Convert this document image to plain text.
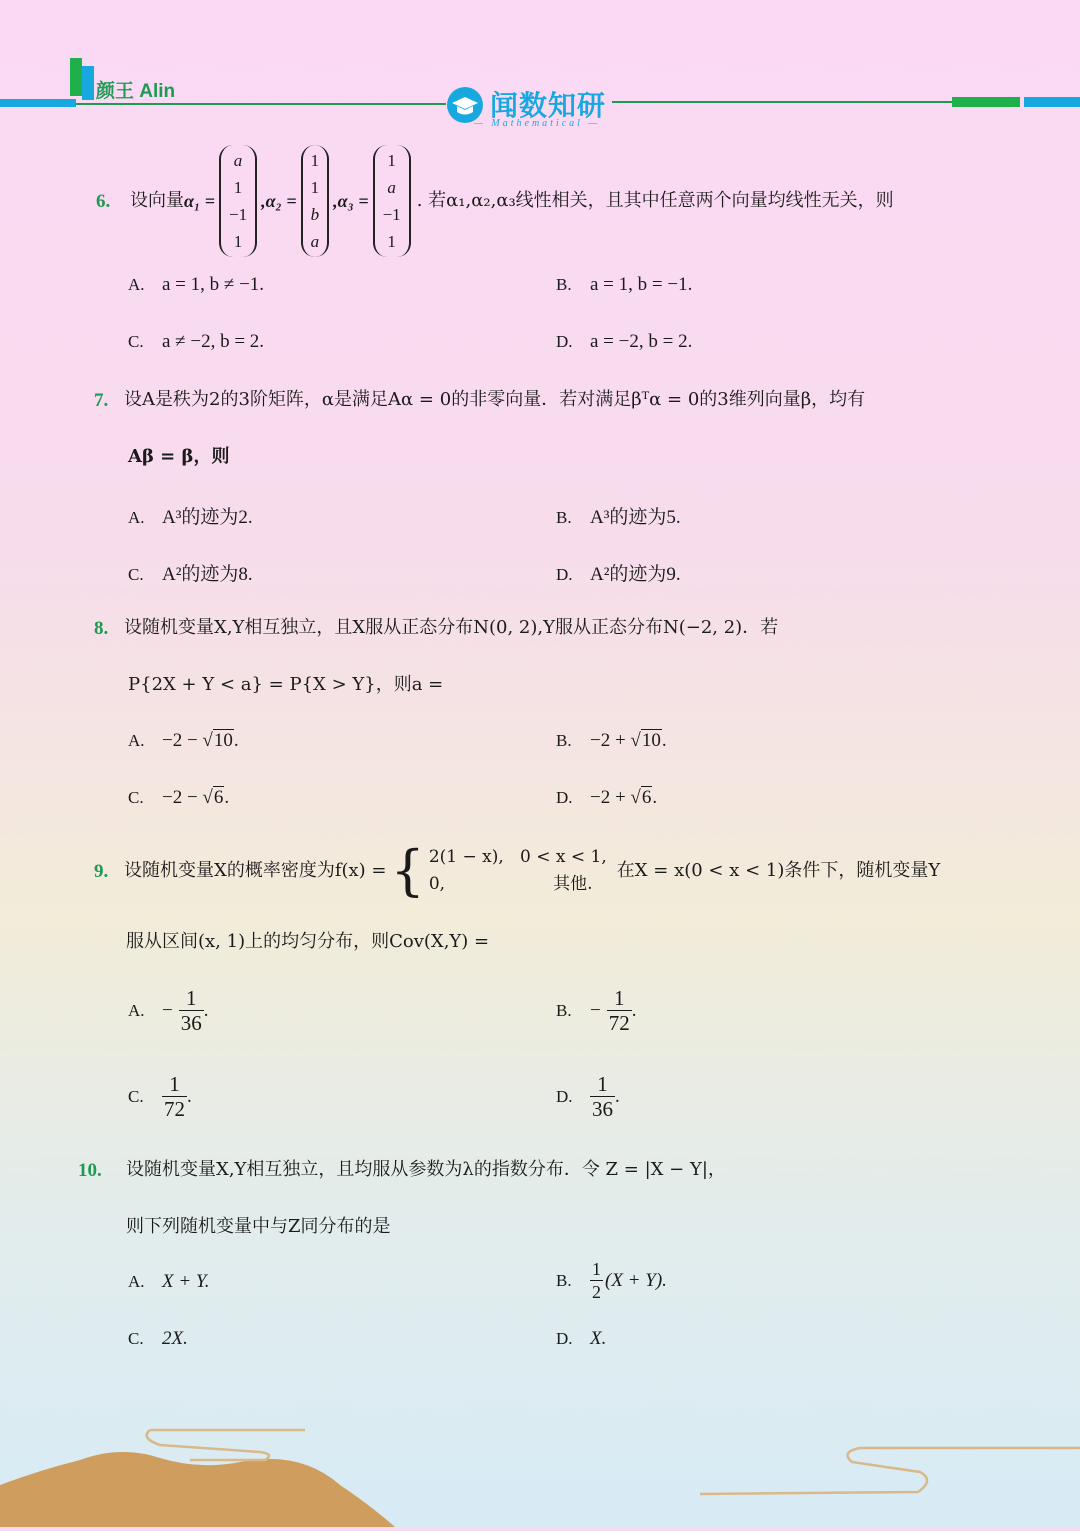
颜王 Alin	闻数知研
— Mathematical —
6. 设向量 α₁ =
a
1
−1
1
,α₂ =
1
1
b
a
,α₃ =
1
a
−1
1
. 若α₁,α₂,α₃线性相关，且其中任意两个向量均线性无关，则
A. a = 1, b ≠ −1.	B. a = 1, b = −1.
C. a ≠ −2, b = 2.	D. a = −2, b = 2.
7. 设A是秩为2的3阶矩阵，α是满足Aα = 0的非零向量．若对满足βᵀα = 0的3维列向量β，均有
Aβ = β，则
A. A³的迹为2.	B. A³的迹为5.
C. A²的迹为8.	D. A²的迹为9.
8. 设随机变量X,Y相互独立，且X服从正态分布N(0, 2),Y服从正态分布N(−2, 2)．若
P{2X + Y < a} = P{X > Y}，则a =
A. −2 − √10.	B. −2 + √10.
C. −2 − √6.	D. −2 + √6.
9. 设随机变量X的概率密度为f(x) = { 2(1 − x),   0 < x < 1,
0,                    其他.
在X = x(0 < x < 1)条件下，随机变量Y
服从区间(x, 1)上的均匀分布，则Cov(X,Y) =
A. − $\frac{1}{36}$ .	B. − $\frac{1}{72}$ .
C. $\frac{1}{72}$ .	D. $\frac{1}{36}$ .
10. 设随机变量X,Y相互独立，且均服从参数为λ的指数分布．令 Z = |X − Y|，
则下列随机变量中与Z同分布的是
A. X + Y.	B.	$\frac{1}{2} (X + Y)$.
C. 2X.	D. X.
